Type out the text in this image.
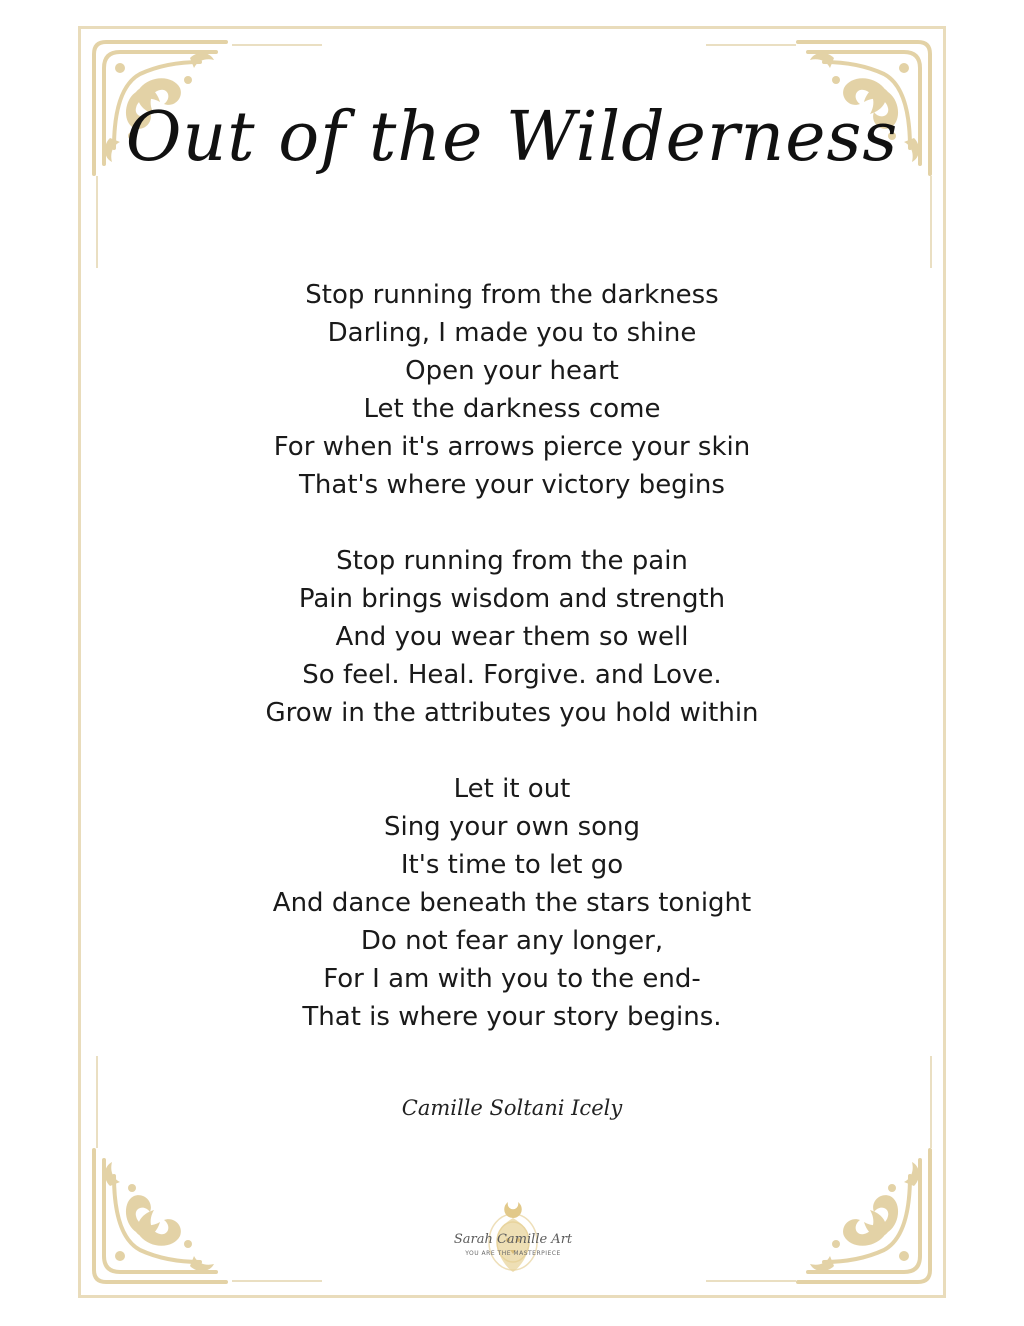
Out of the Wilderness
Stop running from the darkness
Darling, I made you to shine
Open your heart
Let the darkness come
For when it's arrows pierce your skin
That's where your victory begins
Stop running from the pain
Pain brings wisdom and strength
And you wear them so well
So feel. Heal. Forgive. and Love.
Grow in the attributes you hold within
Let it out
Sing your own song
It's time to let go
And dance beneath the stars tonight
Do not fear any longer,
For I am with you to the end-
That is where your story begins.
Camille Soltani Icely
Sarah Camille Art
YOU ARE THE MASTERPIECE
